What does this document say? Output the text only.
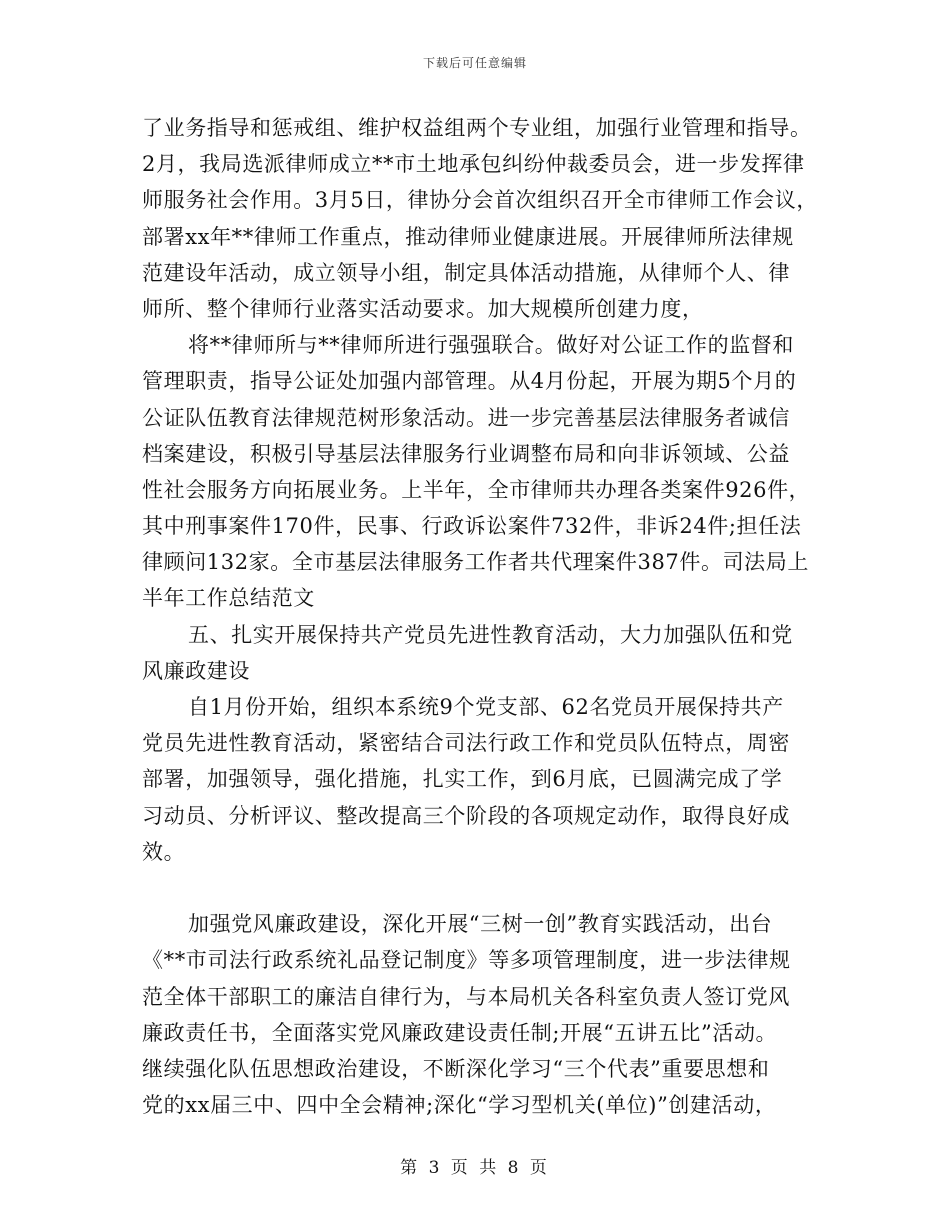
下载后可任意编辑
了业务指导和惩戒组、维护权益组两个专业组，加强行业管理和指导。
2月，我局选派律师成立**市土地承包纠纷仲裁委员会，进一步发挥律
师服务社会作用。3月5日，律协分会首次组织召开全市律师工作会议，
部署xx年**律师工作重点，推动律师业健康进展。开展律师所法律规
范建设年活动，成立领导小组，制定具体活动措施，从律师个人、律
师所、整个律师行业落实活动要求。加大规模所创建力度，
将**律师所与**律师所进行强强联合。做好对公证工作的监督和
管理职责，指导公证处加强内部管理。从4月份起，开展为期5个月的
公证队伍教育法律规范树形象活动。进一步完善基层法律服务者诚信
档案建设，积极引导基层法律服务行业调整布局和向非诉领域、公益
性社会服务方向拓展业务。上半年，全市律师共办理各类案件926件，
其中刑事案件170件，民事、行政诉讼案件732件，非诉24件;担任法
律顾问132家。全市基层法律服务工作者共代理案件387件。司法局上
半年工作总结范文
五、扎实开展保持共产党员先进性教育活动，大力加强队伍和党
风廉政建设
自1月份开始，组织本系统9个党支部、62名党员开展保持共产
党员先进性教育活动，紧密结合司法行政工作和党员队伍特点，周密
部署，加强领导，强化措施，扎实工作，到6月底，已圆满完成了学
习动员、分析评议、整改提高三个阶段的各项规定动作，取得良好成
效。
加强党风廉政建设，深化开展“三树一创”教育实践活动，出台
《**市司法行政系统礼品登记制度》等多项管理制度，进一步法律规
范全体干部职工的廉洁自律行为，与本局机关各科室负责人签订党风
廉政责任书，全面落实党风廉政建设责任制;开展“五讲五比”活动。
继续强化队伍思想政治建设，不断深化学习“三个代表”重要思想和
党的xx届三中、四中全会精神;深化“学习型机关(单位)”创建活动，
第 3 页 共 8 页
